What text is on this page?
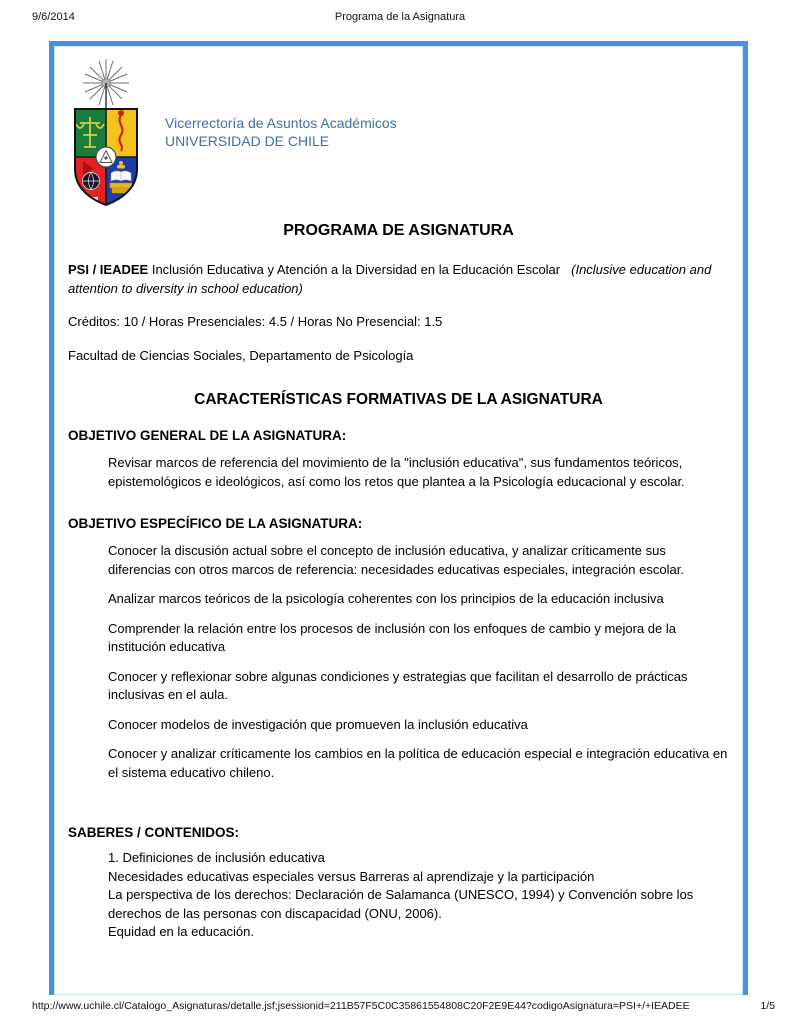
9/6/2014	Programa de la Asignatura
Vicerrectoría de Asuntos Académicos
UNIVERSIDAD DE CHILE
PROGRAMA DE ASIGNATURA

PSI / IEADEE Inclusión Educativa y Atención a la Diversidad en la Educación Escolar (Inclusive education and attention to diversity in school education)

Créditos: 10 / Horas Presenciales: 4.5 / Horas No Presencial: 1.5

Facultad de Ciencias Sociales, Departamento de Psicología

CARACTERÍSTICAS FORMATIVAS DE LA ASIGNATURA
OBJETIVO GENERAL DE LA ASIGNATURA:

Revisar marcos de referencia del movimiento de la "inclusión educativa", sus fundamentos teóricos, epistemológicos e ideológicos, así como los retos que plantea a la Psicología educacional y escolar.

OBJETIVO ESPECÍFICO DE LA ASIGNATURA:

Conocer la discusión actual sobre el concepto de inclusión educativa, y analizar críticamente sus diferencias con otros marcos de referencia: necesidades educativas especiales, integración escolar.

Analizar marcos teóricos de la psicología coherentes con los principios de la educación inclusiva

Comprender la relación entre los procesos de inclusión con los enfoques de cambio y mejora de la institución educativa

Conocer y reflexionar sobre algunas condiciones y estrategias que facilitan el desarrollo de prácticas inclusivas en el aula.

Conocer modelos de investigación que promueven la inclusión educativa

Conocer y analizar críticamente los cambios en la política de educación especial e integración educativa en el sistema educativo chileno.

SABERES / CONTENIDOS:

1. Definiciones de inclusión educativa

Necesidades educativas especiales versus Barreras al aprendizaje y la participación

La perspectiva de los derechos: Declaración de Salamanca (UNESCO, 1994) y Convención sobre los derechos de las personas con discapacidad (ONU, 2006).

Equidad en la educación.

http://www.uchile.cl/Catalogo_Asignaturas/detalle.jsf;jsessionid=211B57F5C0C35861554808C20F2E9E44?codigoAsignatura=PSI+/+IEADEE	1/5
